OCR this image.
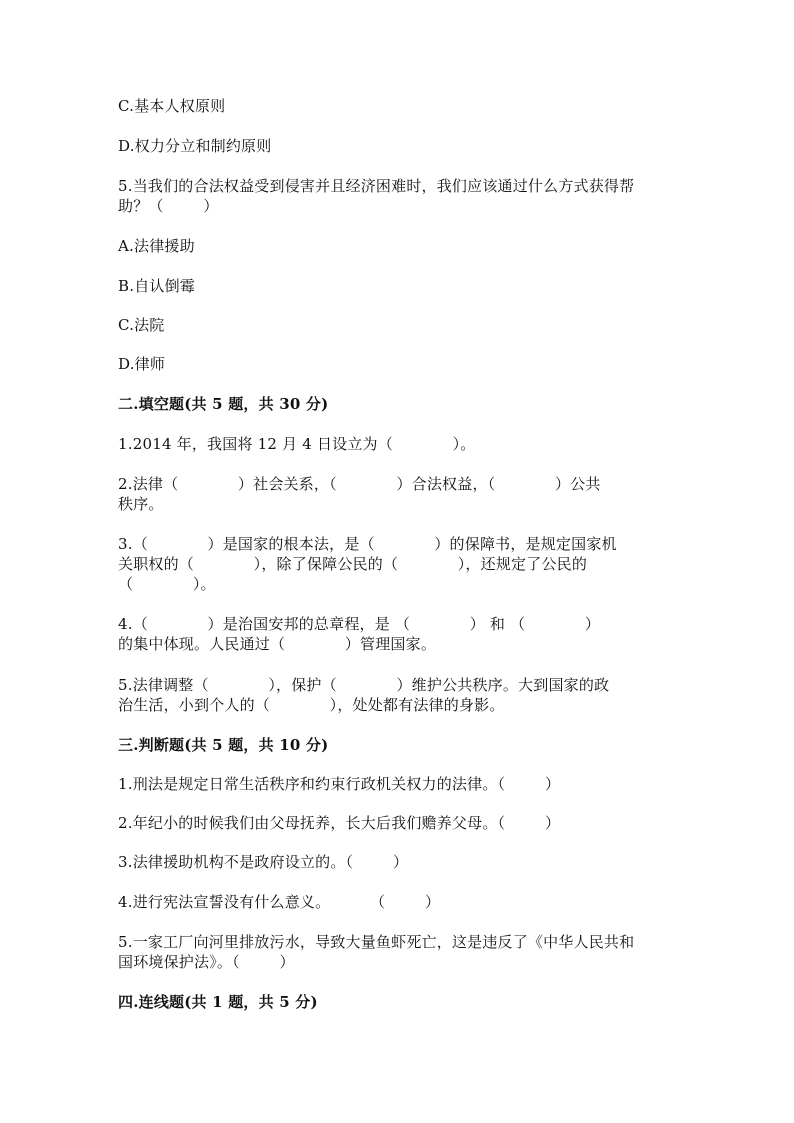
C.基本人权原则
D.权力分立和制约原则
5.当我们的合法权益受到侵害并且经济困难时，我们应该通过什么方式获得帮
助？（        ）
A.法律援助
B.自认倒霉
C.法院
D.律师
二.填空题(共 5 题，共 30 分)
1.2014 年，我国将 12 月 4 日设立为（            ）。
2.法律（            ）社会关系，（            ）合法权益，（            ）公共
秩序。
3.（            ）是国家的根本法，是（            ）的保障书，是规定国家机
关职权的（            ），除了保障公民的（            ），还规定了公民的
（            ）。
4.（            ）是治国安邦的总章程，是 （            ） 和 （            ）
的集中体现。人民通过（            ）管理国家。
5.法律调整（            ），保护（            ）维护公共秩序。大到国家的政
治生活，小到个人的（            ），处处都有法律的身影。
三.判断题(共 5 题，共 10 分)
1.刑法是规定日常生活秩序和约束行政机关权力的法律。（        ）
2.年纪小的时候我们由父母抚养，长大后我们赡养父母。（        ）
3.法律援助机构不是政府设立的。（        ）
4.进行宪法宣誓没有什么意义。        （        ）
5.一家工厂向河里排放污水，导致大量鱼虾死亡，这是违反了《中华人民共和
国环境保护法》。（        ）
四.连线题(共 1 题，共 5 分)
